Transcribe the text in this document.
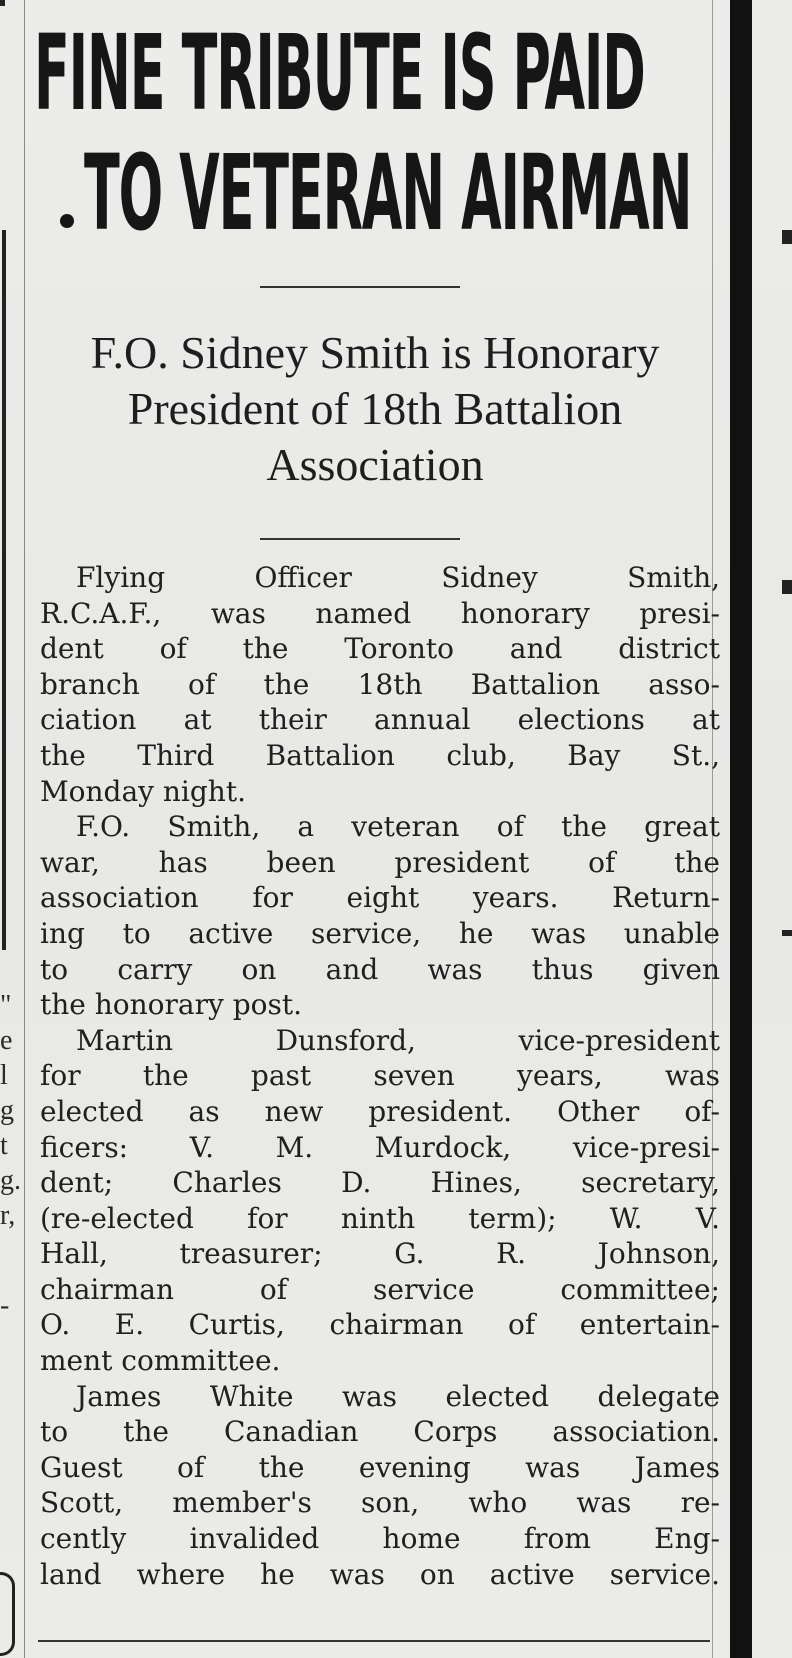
"
e
l
g
t
g.
r,
-
FINE TRIBUTE IS PAID
TO VETERAN AIRMAN
F.O. Sidney Smith is Honorary
President of 18th Battalion
Association
Flying Officer Sidney Smith,
R.C.A.F., was named honorary presi-
dent of the Toronto and district
branch of the 18th Battalion asso-
ciation at their annual elections at
the Third Battalion club, Bay St.,
Monday night.
F.O. Smith, a veteran of the great
war, has been president of the
association for eight years. Return-
ing to active service, he was unable
to carry on and was thus given
the honorary post.
Martin Dunsford, vice-president
for the past seven years, was
elected as new president. Other of-
ficers: V. M. Murdock, vice-presi-
dent; Charles D. Hines, secretary,
(re-elected for ninth term); W. V.
Hall, treasurer; G. R. Johnson,
chairman of service committee;
O. E. Curtis, chairman of entertain-
ment committee.
James White was elected delegate
to the Canadian Corps association.
Guest of the evening was James
Scott, member's son, who was re-
cently invalided home from Eng-
land where he was on active service.
